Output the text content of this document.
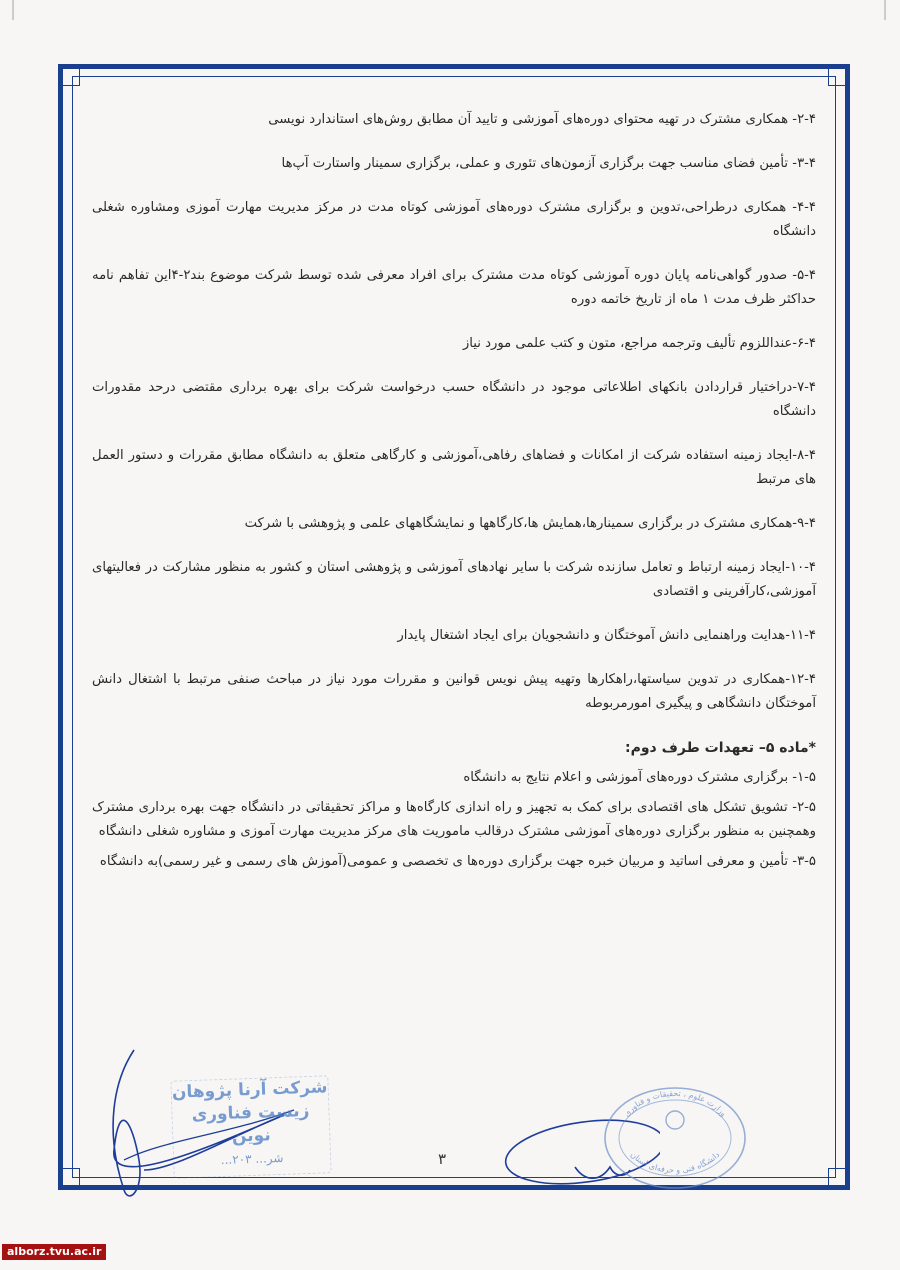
۲-۴- همکاری مشترک در تهیه محتوای دوره‌های آموزشی و تایید آن مطابق روش‌های استاندارد نویسی

۳-۴- تأمین فضای مناسب جهت برگزاری آزمون‌های تئوری و عملی، برگزاری سمینار واستارت آپ‌ها

۴-۴- همکاری درطراحی،تدوین و برگزاری مشترک دوره‌های آموزشی کوتاه مدت در مرکز مدیریت مهارت آموزی ومشاوره شغلی دانشگاه

۵-۴- صدور گواهی‌نامه پایان دوره آموزشی کوتاه مدت مشترک برای افراد معرفی شده توسط شرکت موضوع بند۲-۴این تفاهم نامه حداکثر ظرف مدت ۱ ماه از تاریخ خاتمه دوره

۶-۴-عنداللزوم تألیف وترجمه مراجع، متون و کتب علمی مورد نیاز

۷-۴-دراختیار قراردادن بانکهای اطلاعاتی موجود در دانشگاه حسب درخواست شرکت برای بهره برداری مقتضی درحد مقدورات دانشگاه

۸-۴-ایجاد زمینه استفاده شرکت از امکانات و فضاهای رفاهی،آموزشی و کارگاهی متعلق به دانشگاه مطابق مقررات و دستور العمل های مرتبط

۹-۴-همکاری مشترک در برگزاری سمینارها،همایش ها،کارگاهها و نمایشگاههای علمی و پژوهشی با شرکت

۱۰-۴-ایجاد زمینه ارتباط و تعامل سازنده شرکت با سایر نهادهای آموزشی و پژوهشی استان و کشور به منظور مشارکت در فعالیتهای آموزشی،کارآفرینی و اقتصادی

۱۱-۴-هدایت وراهنمایی دانش آموختگان و دانشجویان برای ایجاد اشتغال پایدار

۱۲-۴-همکاری در تدوین سیاستها،راهکارها وتهیه پیش نویس قوانین و مقررات مورد نیاز در مباحث صنفی مرتبط با اشتغال دانش آموختگان دانشگاهی و پیگیری امورمربوطه

*ماده ۵– تعهدات طرف دوم:

۱-۵- برگزاری مشترک دوره‌های آموزشی و اعلام نتایج به دانشگاه

۲-۵- تشویق تشکل های اقتصادی برای کمک به تجهیز و راه اندازی کارگاه‌ها و مراکز تحقیقاتی در دانشگاه جهت بهره برداری مشترک وهمچنین به منظور برگزاری دوره‌های آموزشی مشترک درقالب ماموریت های مرکز مدیریت مهارت آموزی و مشاوره شغلی دانشگاه

۳-۵- تأمین و معرفی اساتید و مربیان خبره جهت برگزاری دوره‌ها ی تخصصی و عمومی(آموزش های رسمی و غیر رسمی)به دانشگاه

شرکت آرنا پژوهان
زیست فناوری نوین
شر... ۲۰۳...
وزارت علوم ، تحقیقات و فناوری
دانشگاه فنی و حرفه‌ای استان
۳
alborz.tvu.ac.ir
